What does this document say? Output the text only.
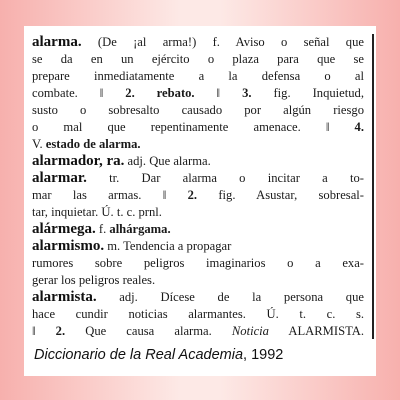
alarma. (De ¡al arma!) f. Aviso o señal que
se da en un ejército o plaza para que se
prepare inmediatamente a la defensa o al
combate. ‖ 2. rebato. ‖ 3. fig. Inquietud,
susto o sobresalto causado por algún riesgo
o mal que repentinamente amenace. ‖ 4.
V. estado de alarma.
alarmador, ra. adj. Que alarma.
alarmar. tr. Dar alarma o incitar a to-
mar las armas. ‖ 2. fig. Asustar, sobresal-
tar, inquietar. Ú. t. c. prnl.
alármega. f. alhárgama.
alarmismo. m. Tendencia a propagar
rumores sobre peligros imaginarios o a exa-
gerar los peligros reales.
alarmista. adj. Dícese de la persona que
hace cundir noticias alarmantes. Ú. t. c. s.
‖ 2. Que causa alarma. Noticia ALARMISTA.
Diccionario de la Real Academia, 1992
